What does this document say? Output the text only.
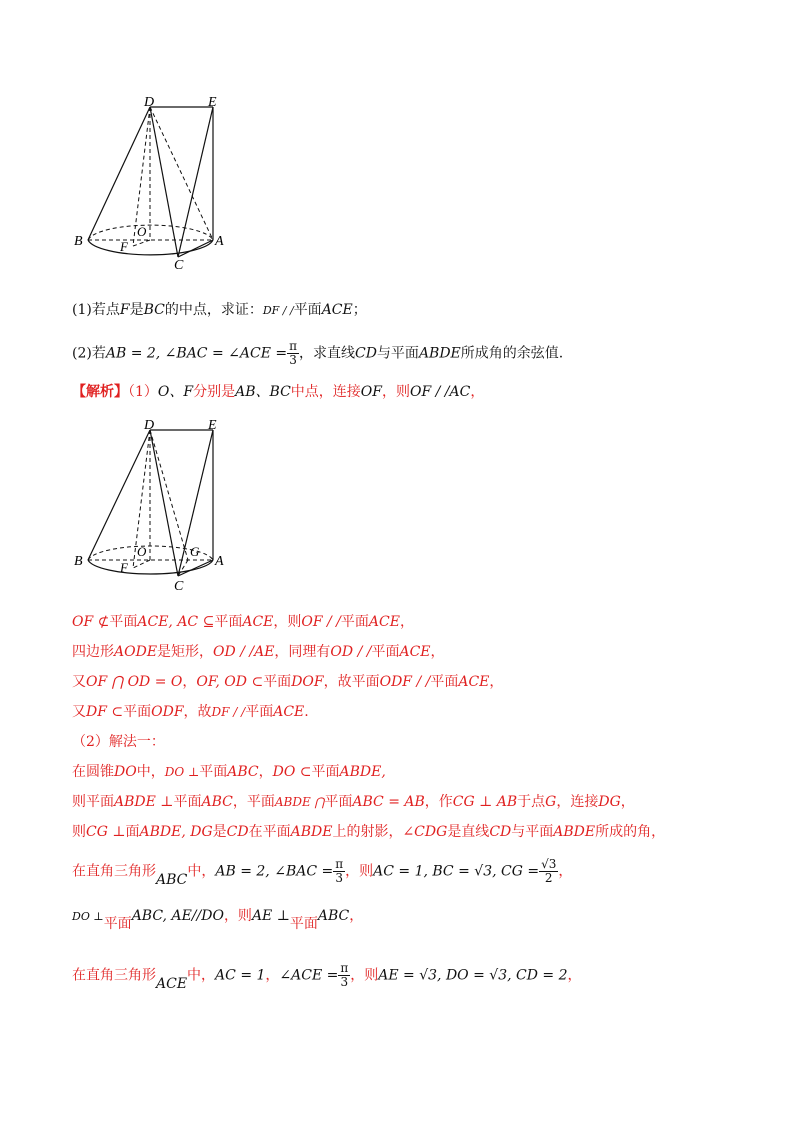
D	E
O
F
B	A
C
(1)若点F是BC的中点，求证：DF / /平面ACE；
(2)若AB = 2, ∠BAC = ∠ACE = $\frac{\pi}{3}$ ，求直线CD与平面ABDE所成角的余弦值.
【解析】（1）O、F分别是AB、BC中点，连接OF，则OF / /AC，
D	E
O	G
F
B	A
C
OF ⊄平面ACE, AC ⊆平面ACE，则OF / /平面ACE，
四边形AODE是矩形，OD / /AE，同理有OD / /平面ACE，
又OF ⋂ OD = O，OF, OD ⊂平面DOF，故平面ODF / /平面ACE，
又DF ⊂平面ODF，故DF / /平面ACE.
（2）解法一：
在圆锥DO中，DO ⊥平面ABC，DO ⊂平面ABDE,
则平面ABDE ⊥平面ABC，平面ABDE ⋂平面ABC = AB，作CG ⊥ AB于点G，连接DG，
则CG ⊥面ABDE, DG是CD在平面ABDE上的射影，∠CDG是直线CD与平面ABDE所成的角，
在直角三角形ABC中，AB = 2, ∠BAC = $\frac{\pi}{3}$ ，则AC = 1, BC = √3, CG = $\frac{√3}{2}$ ，
DO ⊥平面ABC, AE//DO，则AE ⊥平面ABC，
在直角三角形ACE中，AC = 1，∠ACE = $\frac{\pi}{3}$ ，则AE = √3, DO = √3, CD = 2，
